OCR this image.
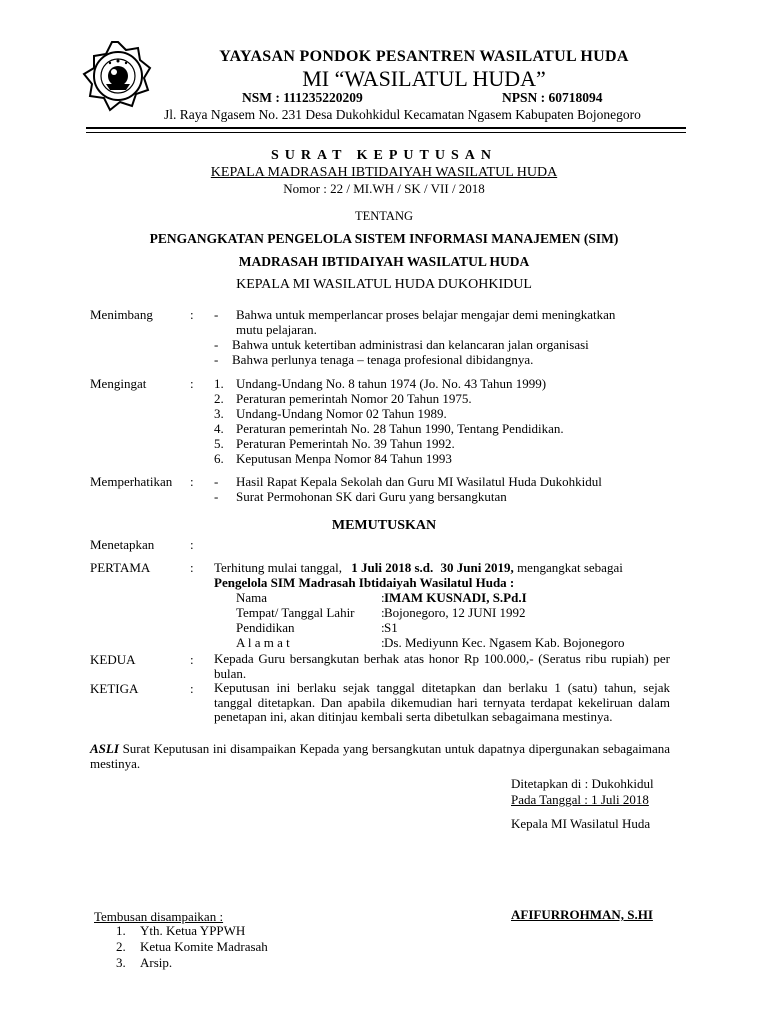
YAYASAN PONDOK PESANTREN WASILATUL HUDA
MI “WASILATUL HUDA”
NSM : 111235220209	NPSN : 60718094
Jl. Raya Ngasem No. 231 Desa Dukohkidul Kecamatan Ngasem Kabupaten Bojonegoro
SURAT KEPUTUSAN
KEPALA MADRASAH IBTIDAIYAH WASILATUL HUDA
Nomor : 22 / MI.WH / SK / VII / 2018
TENTANG
PENGANGKATAN PENGELOLA SISTEM INFORMASI MANAJEMEN (SIM)
MADRASAH IBTIDAIYAH WASILATUL HUDA
KEPALA MI WASILATUL HUDA DUKOHKIDUL
Menimbang	: - Bahwa untuk memperlancar proses belajar mengajar demi meningkatkan
mutu pelajaran.
- Bahwa untuk ketertiban administrasi dan kelancaran jalan organisasi
- Bahwa perlunya tenaga – tenaga profesional dibidangnya.
Mengingat	: 1. Undang-Undang No. 8 tahun 1974 (Jo. No. 43 Tahun 1999)
2. Peraturan pemerintah Nomor 20 Tahun 1975.
3. Undang-Undang Nomor 02 Tahun 1989.
4. Peraturan pemerintah No. 28 Tahun 1990, Tentang Pendidikan.
5. Peraturan Pemerintah No. 39 Tahun 1992.
6. Keputusan Menpa Nomor 84 Tahun 1993
Memperhatikan : - Hasil Rapat Kepala Sekolah dan Guru MI Wasilatul Huda Dukohkidul
- Surat Permohonan SK dari Guru yang bersangkutan
MEMUTUSKAN
Menetapkan	:
PERTAMA	: Terhitung mulai tanggal, 1 Juli 2018 s.d. 30 Juni 2019, mengangkat sebagai
Pengelola SIM Madrasah Ibtidaiyah Wasilatul Huda :
Nama	: IMAM KUSNADI, S.Pd.I
Tempat/ Tanggal Lahir : Bojonegoro, 12 JUNI 1992
Pendidikan	: S1
A l a m a t	: Ds. Mediyunn Kec. Ngasem Kab. Bojonegoro
KEDUA	: Kepada Guru bersangkutan berhak atas honor Rp 100.000,- (Seratus ribu rupiah) per bulan.
KETIGA	: Keputusan ini berlaku sejak tanggal ditetapkan dan berlaku 1 (satu) tahun, sejak tanggal ditetapkan. Dan apabila dikemudian hari ternyata terdapat kekeliruan dalam penetapan ini, akan ditinjau kembali serta dibetulkan sebagaimana mestinya.
ASLI Surat Keputusan ini disampaikan Kepada yang bersangkutan untuk dapatnya dipergunakan sebagaimana mestinya.
Ditetapkan di : Dukohkidul
Pada Tanggal : 1 Juli 2018
Kepala MI Wasilatul Huda
AFIFURROHMAN, S.HI
Tembusan disampaikan :
1. Yth. Ketua YPPWH
2. Ketua Komite Madrasah
3. Arsip.
